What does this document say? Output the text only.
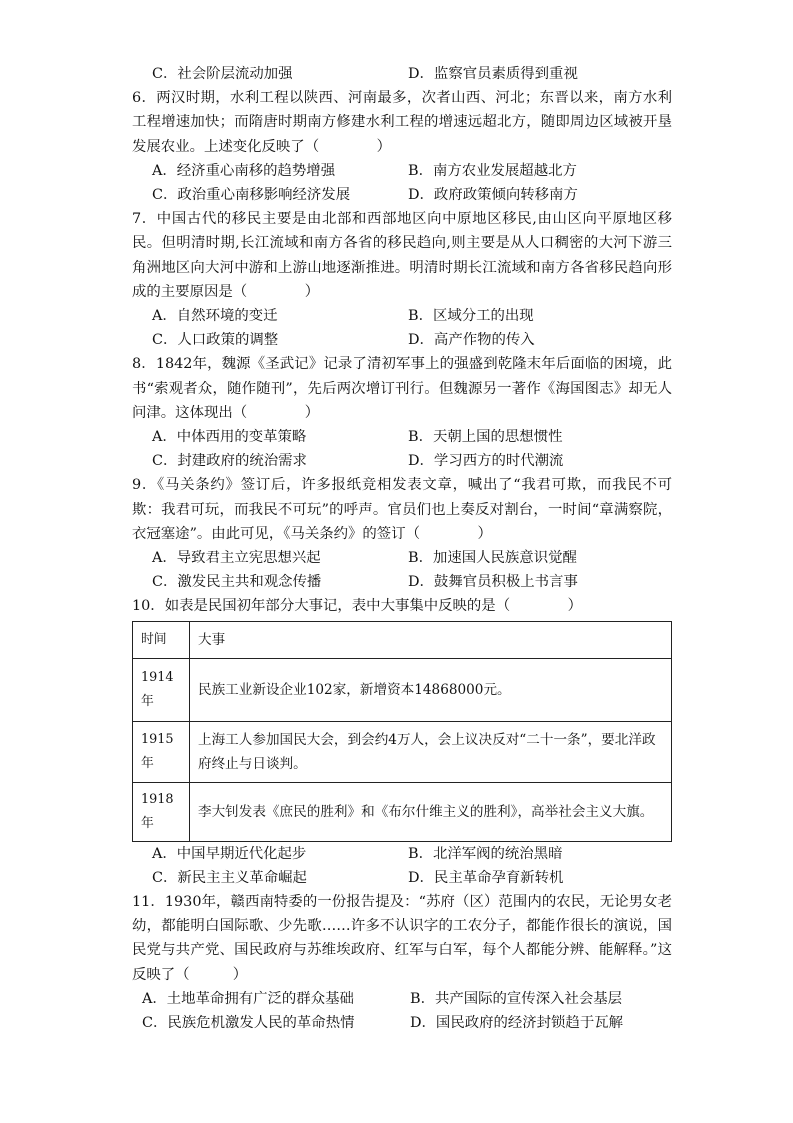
C．社会阶层流动加强	D．监察官员素质得到重视
6．两汉时期，水利工程以陕西、河南最多，次者山西、河北；东晋以来，南方水利工程增速加快；而隋唐时期南方修建水利工程的增速远超北方，随即周边区域被开垦发展农业。上述变化反映了（　　　　）
A．经济重心南移的趋势增强	B．南方农业发展超越北方
C．政治重心南移影响经济发展	D．政府政策倾向转移南方
7．中国古代的移民主要是由北部和西部地区向中原地区移民,由山区向平原地区移民。但明清时期,长江流域和南方各省的移民趋向,则主要是从人口稠密的大河下游三角洲地区向大河中游和上游山地逐渐推进。明清时期长江流域和南方各省移民趋向形成的主要原因是（　　　　）
A．自然环境的变迁	B．区域分工的出现
C．人口政策的调整	D．高产作物的传入
8．1842年，魏源《圣武记》记录了清初军事上的强盛到乾隆末年后面临的困境，此书“索观者众，随作随刊”，先后两次增订刊行。但魏源另一著作《海国图志》却无人问津。这体现出（　　　　）
A．中体西用的变革策略	B．天朝上国的思想惯性
C．封建政府的统治需求	D．学习西方的时代潮流
9．《马关条约》签订后，许多报纸竞相发表文章，喊出了“我君可欺，而我民不可欺：我君可玩，而我民不可玩”的呼声。官员们也上奏反对割台，一时间“章满察院，衣冠塞途”。由此可见，《马关条约》的签订（　　　　）
A．导致君主立宪思想兴起	B．加速国人民族意识觉醒
C．激发民主共和观念传播	D．鼓舞官员积极上书言事
10．如表是民国初年部分大事记，表中大事集中反映的是（　　　　）
时间	大事
1914年	民族工业新设企业102家，新增资本14868000元。
1915年	上海工人参加国民大会，到会约4万人，会上议决反对“二十一条”，要北洋政府终止与日谈判。
1918年	李大钊发表《庶民的胜利》和《布尔什维主义的胜利》，高举社会主义大旗。
A．中国早期近代化起步	B．北洋军阀的统治黑暗
C．新民主主义革命崛起	D．民主革命孕育新转机
11．1930年，赣西南特委的一份报告提及：“苏府（区）范围内的农民，无论男女老幼，都能明白国际歌、少先歌……许多不认识字的工农分子，都能作很长的演说，国民党与共产党、国民政府与苏维埃政府、红军与白军，每个人都能分辨、能解释。”这反映了（　　　）
A．土地革命拥有广泛的群众基础	B．共产国际的宣传深入社会基层
C．民族危机激发人民的革命热情	D．国民政府的经济封锁趋于瓦解
